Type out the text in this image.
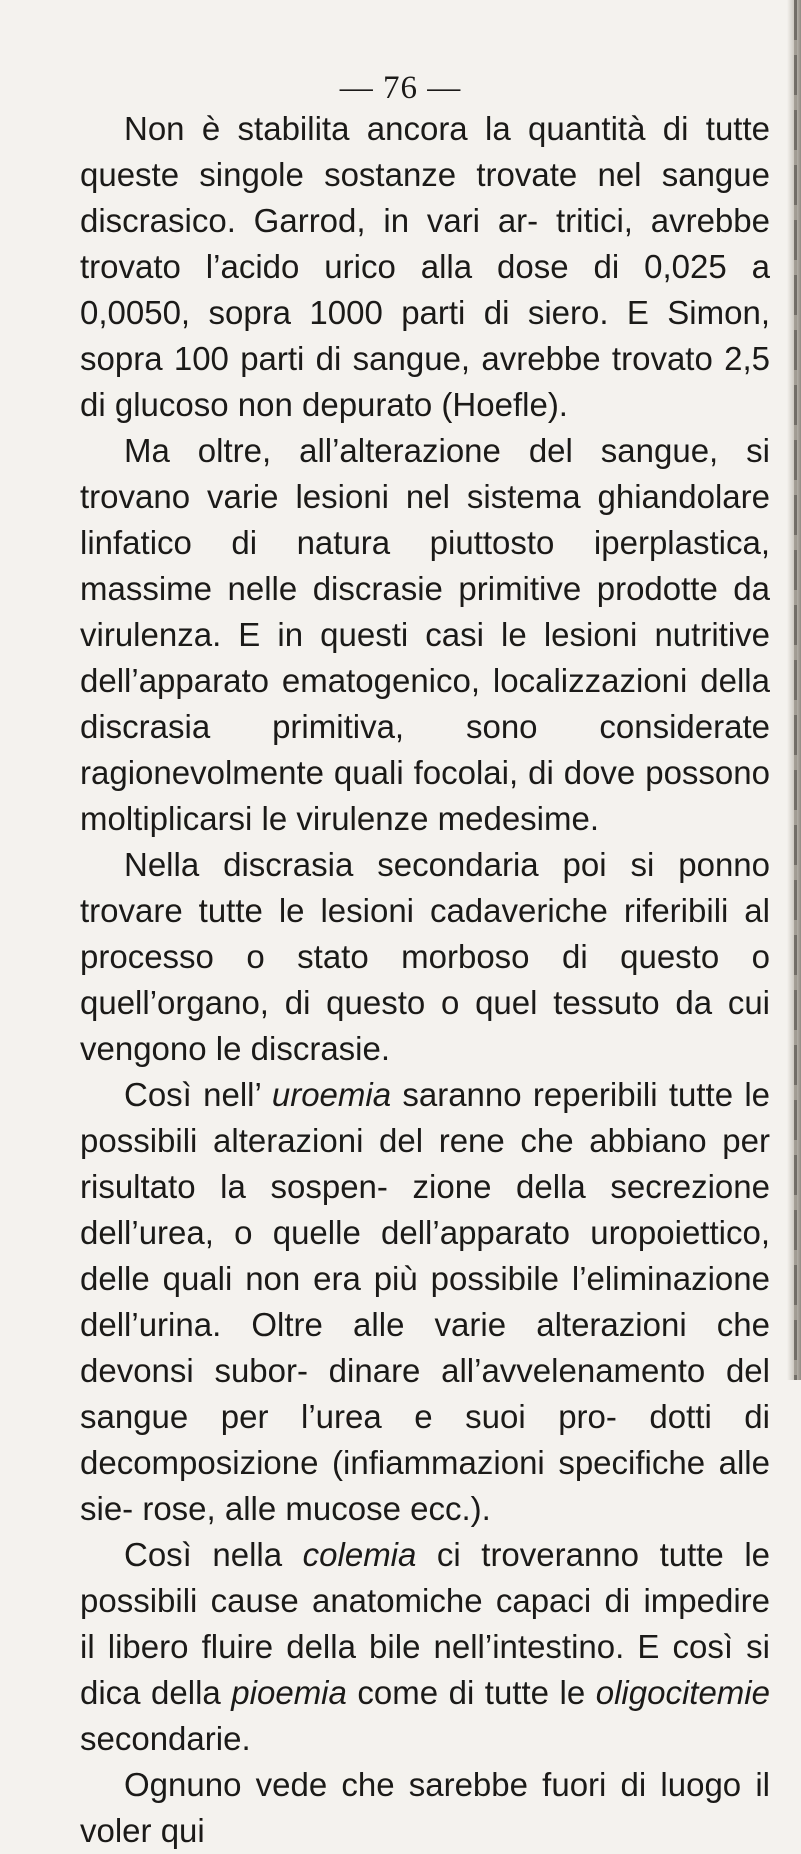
— 76 —

Non è stabilita ancora la quantità di tutte queste singole sostanze trovate nel sangue discrasico. Garrod, in vari ar- tritici, avrebbe trovato l’acido urico alla dose di 0,025 a 0,0050, sopra 1000 parti di siero. E Simon, sopra 100 parti di sangue, avrebbe trovato 2,5 di glucoso non depurato (Hoefle).

Ma oltre, all’alterazione del sangue, si trovano varie lesioni nel sistema ghiandolare linfatico di natura piuttosto iperplastica, massime nelle discrasie primitive prodotte da virulenza. E in questi casi le lesioni nutritive dell’apparato ematogenico, localizzazioni della discrasia primitiva, sono considerate ragionevolmente quali focolai, di dove possono moltiplicarsi le virulenze medesime.

Nella discrasia secondaria poi si ponno trovare tutte le lesioni cadaveriche riferibili al processo o stato morboso di questo o quell’organo, di questo o quel tessuto da cui vengono le discrasie.

Così nell’ uroemia saranno reperibili tutte le possibili alterazioni del rene che abbiano per risultato la sospen- zione della secrezione dell’urea, o quelle dell’apparato uropoiettico, delle quali non era più possibile l’eliminazione dell’urina. Oltre alle varie alterazioni che devonsi subor- dinare all’avvelenamento del sangue per l’urea e suoi pro- dotti di decomposizione (infiammazioni specifiche alle sie- rose, alle mucose ecc.).

Così nella colemia ci troveranno tutte le possibili cause anatomiche capaci di impedire il libero fluire della bile nell’intestino. E così si dica della pioemia come di tutte le oligocitemie secondarie.

Ognuno vede che sarebbe fuori di luogo il voler qui
